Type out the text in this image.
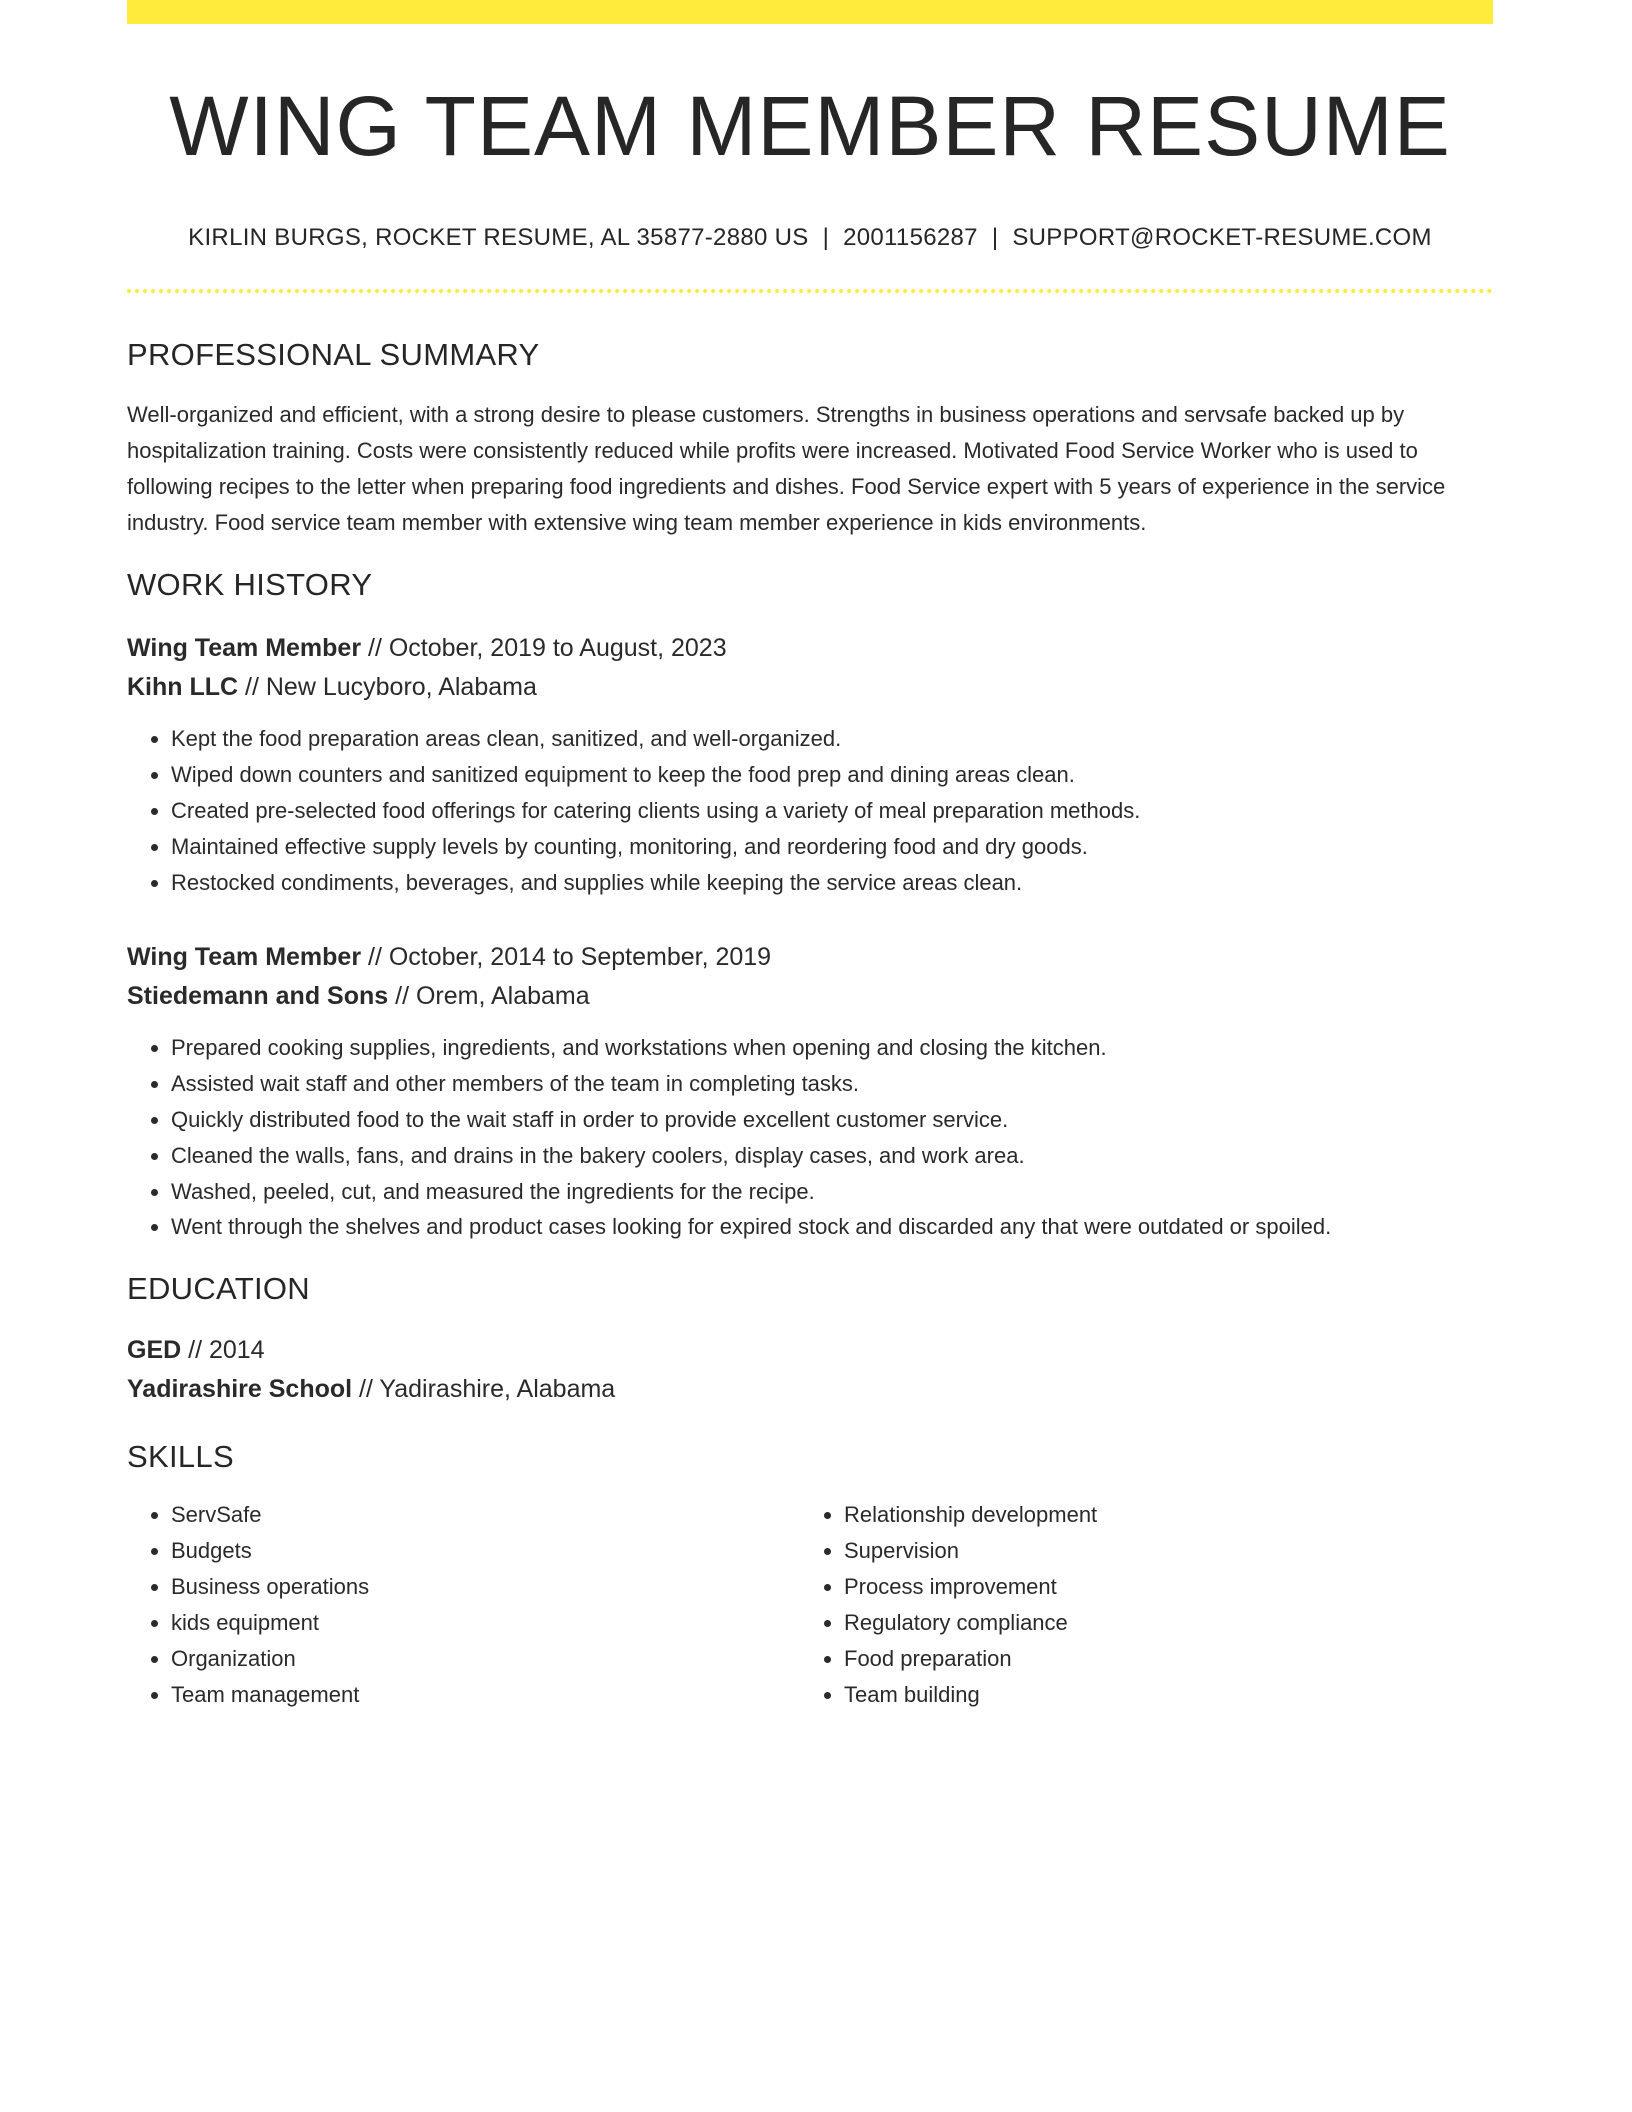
WING TEAM MEMBER RESUME
KIRLIN BURGS, ROCKET RESUME, AL 35877-2880 US | 2001156287 | SUPPORT@ROCKET-RESUME.COM
PROFESSIONAL SUMMARY

Well-organized and efficient, with a strong desire to please customers. Strengths in business operations and servsafe backed up by hospitalization training. Costs were consistently reduced while profits were increased. Motivated Food Service Worker who is used to following recipes to the letter when preparing food ingredients and dishes. Food Service expert with 5 years of experience in the service industry. Food service team member with extensive wing team member experience in kids environments.

WORK HISTORY
Wing Team Member // October, 2019 to August, 2023
Kihn LLC // New Lucyboro, Alabama
• Kept the food preparation areas clean, sanitized, and well-organized.
• Wiped down counters and sanitized equipment to keep the food prep and dining areas clean.
• Created pre-selected food offerings for catering clients using a variety of meal preparation methods.
• Maintained effective supply levels by counting, monitoring, and reordering food and dry goods.
• Restocked condiments, beverages, and supplies while keeping the service areas clean.
Wing Team Member // October, 2014 to September, 2019
Stiedemann and Sons // Orem, Alabama
• Prepared cooking supplies, ingredients, and workstations when opening and closing the kitchen.
• Assisted wait staff and other members of the team in completing tasks.
• Quickly distributed food to the wait staff in order to provide excellent customer service.
• Cleaned the walls, fans, and drains in the bakery coolers, display cases, and work area.
• Washed, peeled, cut, and measured the ingredients for the recipe.
• Went through the shelves and product cases looking for expired stock and discarded any that were outdated or spoiled.
EDUCATION
GED // 2014
Yadirashire School // Yadirashire, Alabama
SKILLS
• ServSafe
• Budgets
• Business operations
• kids equipment
• Organization
• Team management
• Relationship development
• Supervision
• Process improvement
• Regulatory compliance
• Food preparation
• Team building
